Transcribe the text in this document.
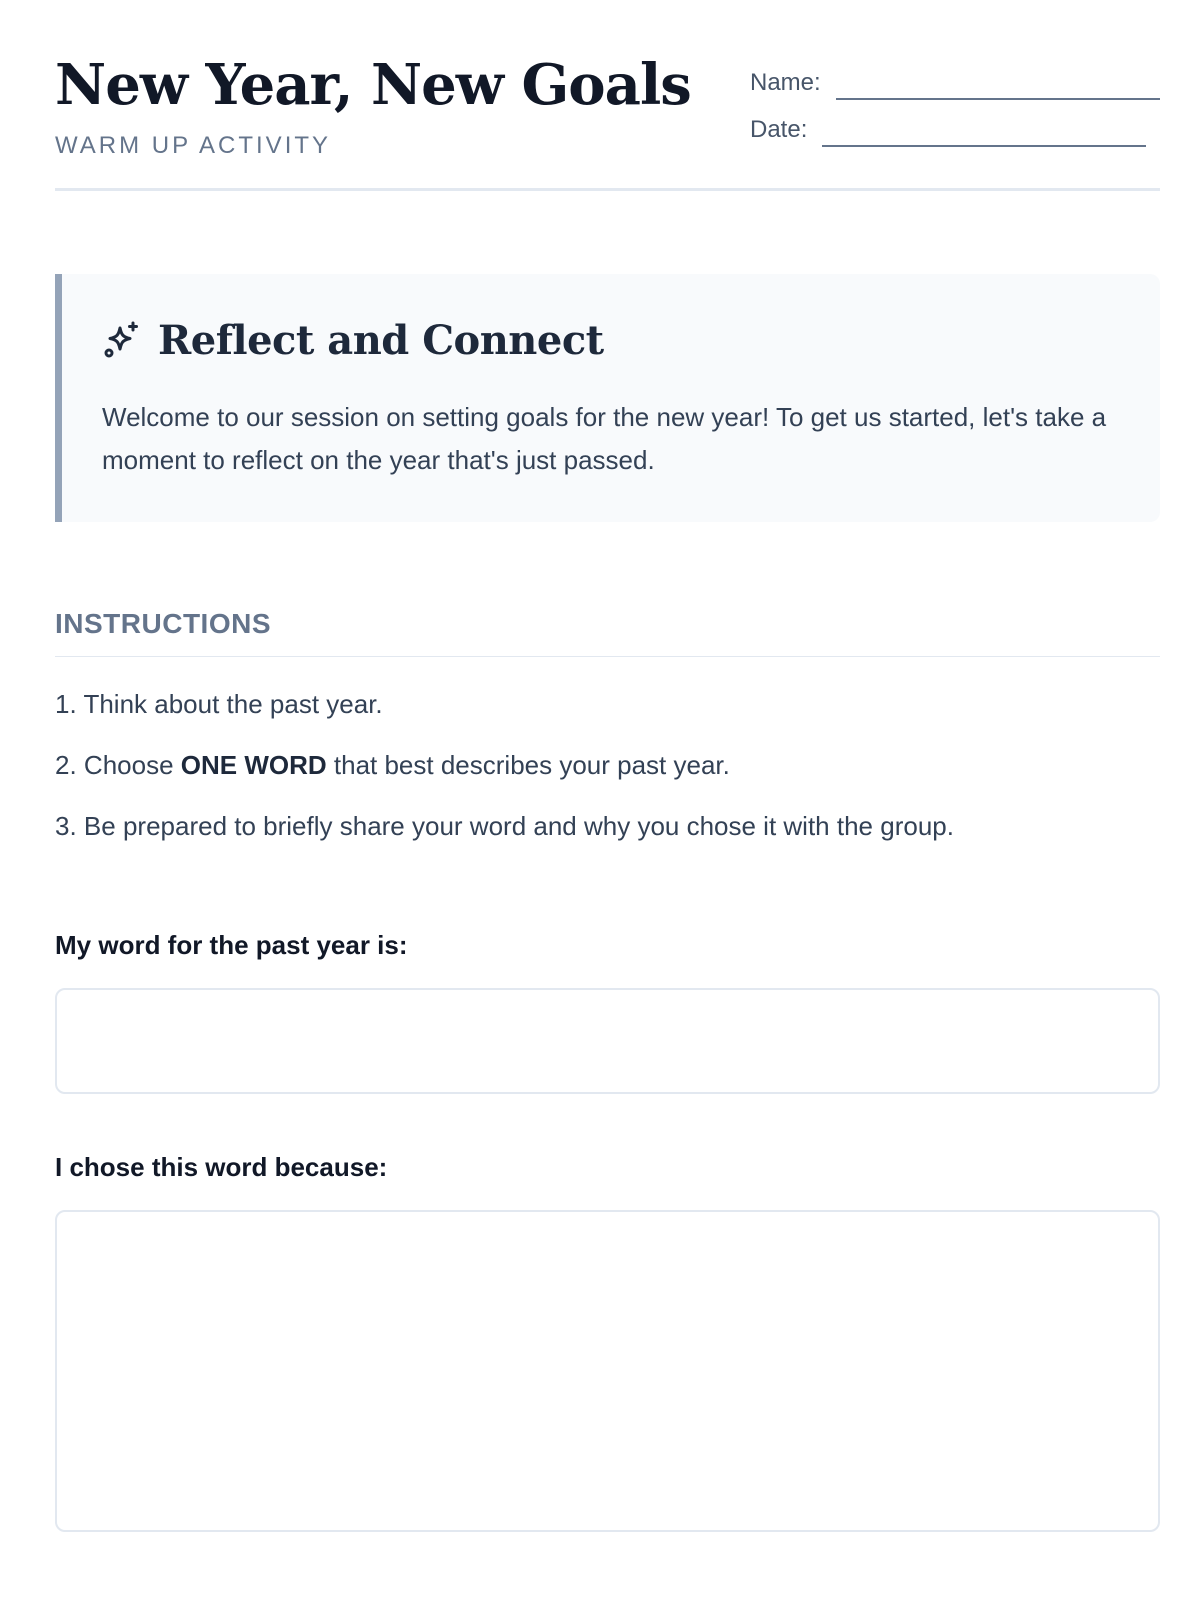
New Year, New Goals
WARM UP ACTIVITY
Name:
Date:
Reflect and Connect

Welcome to our session on setting goals for the new year! To get us started, let's take a moment to reflect on the year that's just passed.

INSTRUCTIONS
1. Think about the past year.
2. Choose ONE WORD that best describes your past year.
3. Be prepared to briefly share your word and why you chose it with the group.
My word for the past year is:
I chose this word because:
